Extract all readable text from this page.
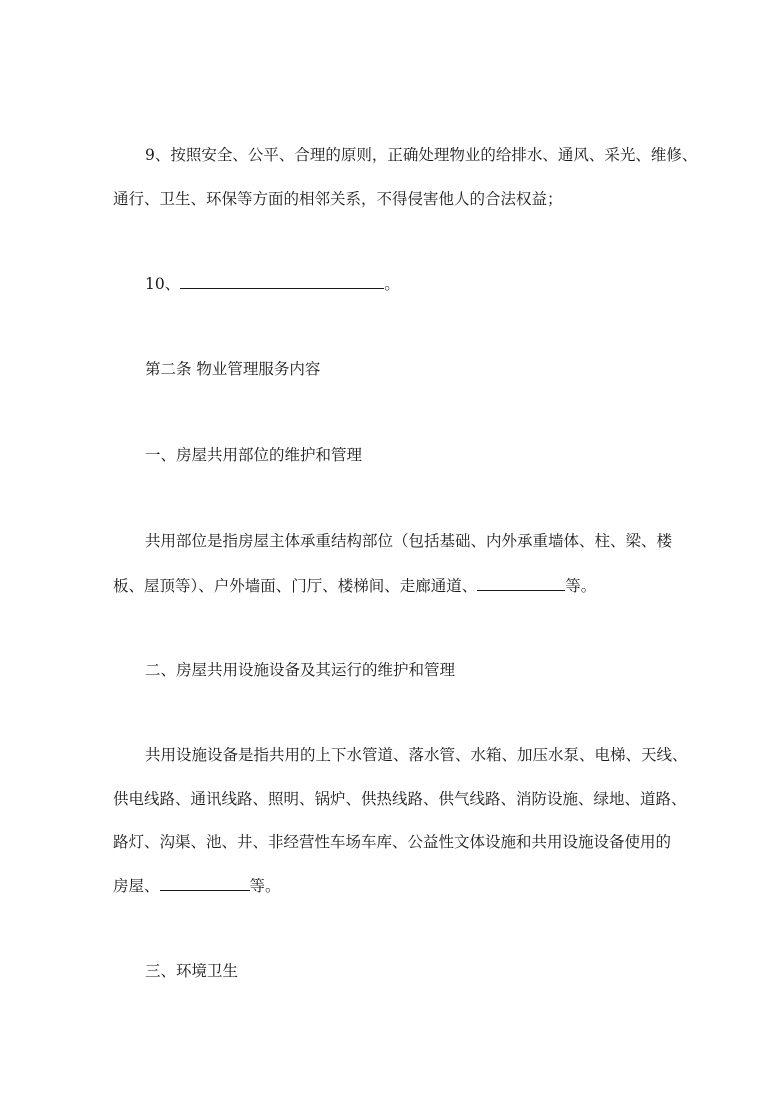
9、按照安全、公平、合理的原则，正确处理物业的给排水、通风、采光、维修、
通行、卫生、环保等方面的相邻关系，不得侵害他人的合法权益；
10、	。
第二条 物业管理服务内容
一、房屋共用部位的维护和管理
共用部位是指房屋主体承重结构部位（包括基础、内外承重墙体、柱、梁、楼
板、屋顶等）、户外墙面、门厅、楼梯间、走廊通道、	等。
二、房屋共用设施设备及其运行的维护和管理
共用设施设备是指共用的上下水管道、落水管、水箱、加压水泵、电梯、天线、
供电线路、通讯线路、照明、锅炉、供热线路、供气线路、消防设施、绿地、道路、
路灯、沟渠、池、井、非经营性车场车库、公益性文体设施和共用设施设备使用的
房屋、	等。
三、环境卫生
